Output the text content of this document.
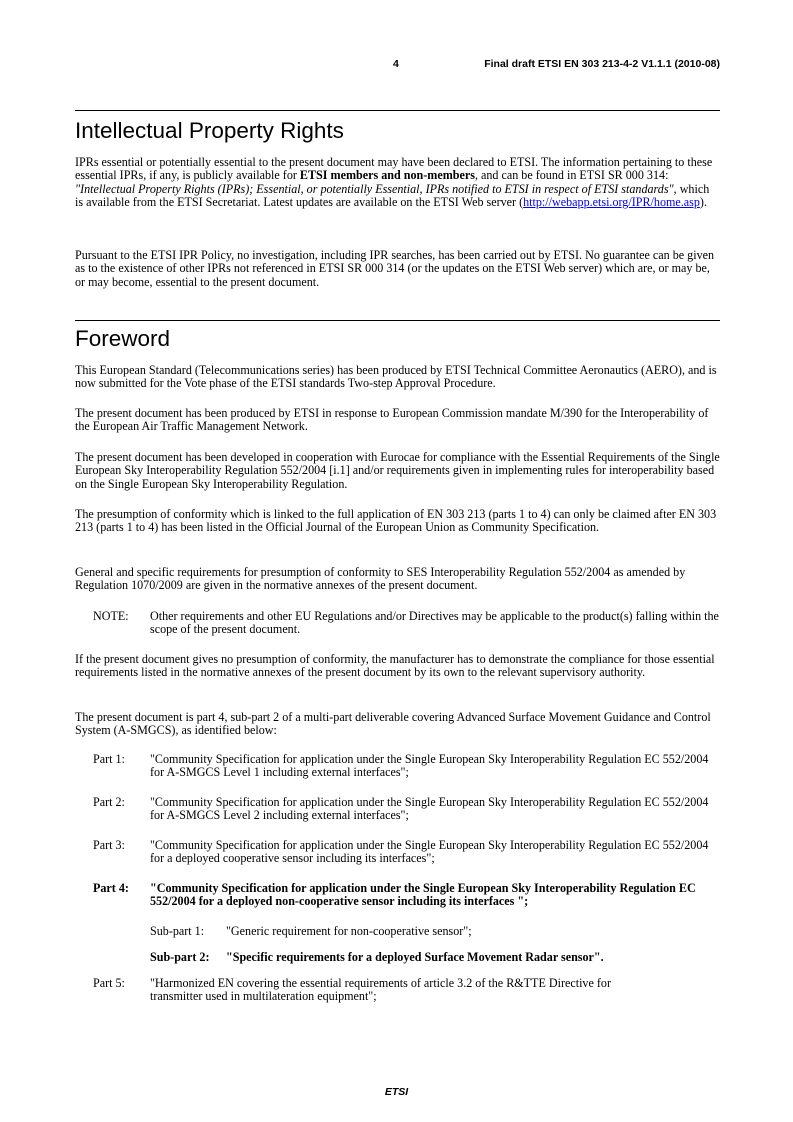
4	Final draft ETSI EN 303 213-4-2 V1.1.1 (2010-08)
Intellectual Property Rights

IPRs essential or potentially essential to the present document may have been declared to ETSI. The information pertaining to these essential IPRs, if any, is publicly available for ETSI members and non-members, and can be found in ETSI SR 000 314: "Intellectual Property Rights (IPRs); Essential, or potentially Essential, IPRs notified to ETSI in respect of ETSI standards", which is available from the ETSI Secretariat. Latest updates are available on the ETSI Web server (http://webapp.etsi.org/IPR/home.asp).

Pursuant to the ETSI IPR Policy, no investigation, including IPR searches, has been carried out by ETSI. No guarantee can be given as to the existence of other IPRs not referenced in ETSI SR 000 314 (or the updates on the ETSI Web server) which are, or may be, or may become, essential to the present document.

Foreword

This European Standard (Telecommunications series) has been produced by ETSI Technical Committee Aeronautics (AERO), and is now submitted for the Vote phase of the ETSI standards Two-step Approval Procedure.

The present document has been produced by ETSI in response to European Commission mandate M/390 for the Interoperability of the European Air Traffic Management Network.

The present document has been developed in cooperation with Eurocae for compliance with the Essential Requirements of the Single European Sky Interoperability Regulation 552/2004 [i.1] and/or requirements given in implementing rules for interoperability based on the Single European Sky Interoperability Regulation.

The presumption of conformity which is linked to the full application of EN 303 213 (parts 1 to 4) can only be claimed after EN 303 213 (parts 1 to 4) has been listed in the Official Journal of the European Union as Community Specification.

General and specific requirements for presumption of conformity to SES Interoperability Regulation 552/2004 as amended by Regulation 1070/2009 are given in the normative annexes of the present document.

NOTE: Other requirements and other EU Regulations and/or Directives may be applicable to the product(s) falling within the scope of the present document.

If the present document gives no presumption of conformity, the manufacturer has to demonstrate the compliance for those essential requirements listed in the normative annexes of the present document by its own to the relevant supervisory authority.

The present document is part 4, sub-part 2 of a multi-part deliverable covering Advanced Surface Movement Guidance and Control System (A-SMGCS), as identified below:

Part 1: "Community Specification for application under the Single European Sky Interoperability Regulation EC 552/2004 for A-SMGCS Level 1 including external interfaces";
Part 2: "Community Specification for application under the Single European Sky Interoperability Regulation EC 552/2004 for A-SMGCS Level 2 including external interfaces";
Part 3: "Community Specification for application under the Single European Sky Interoperability Regulation EC 552/2004 for a deployed cooperative sensor including its interfaces";
Part 4: "Community Specification for application under the Single European Sky Interoperability Regulation EC 552/2004 for a deployed non-cooperative sensor including its interfaces ";
Sub-part 1: "Generic requirement for non-cooperative sensor";
Sub-part 2: "Specific requirements for a deployed Surface Movement Radar sensor".
Part 5: "Harmonized EN covering the essential requirements of article 3.2 of the R&TTE Directive for transmitter used in multilateration equipment";
ETSI
